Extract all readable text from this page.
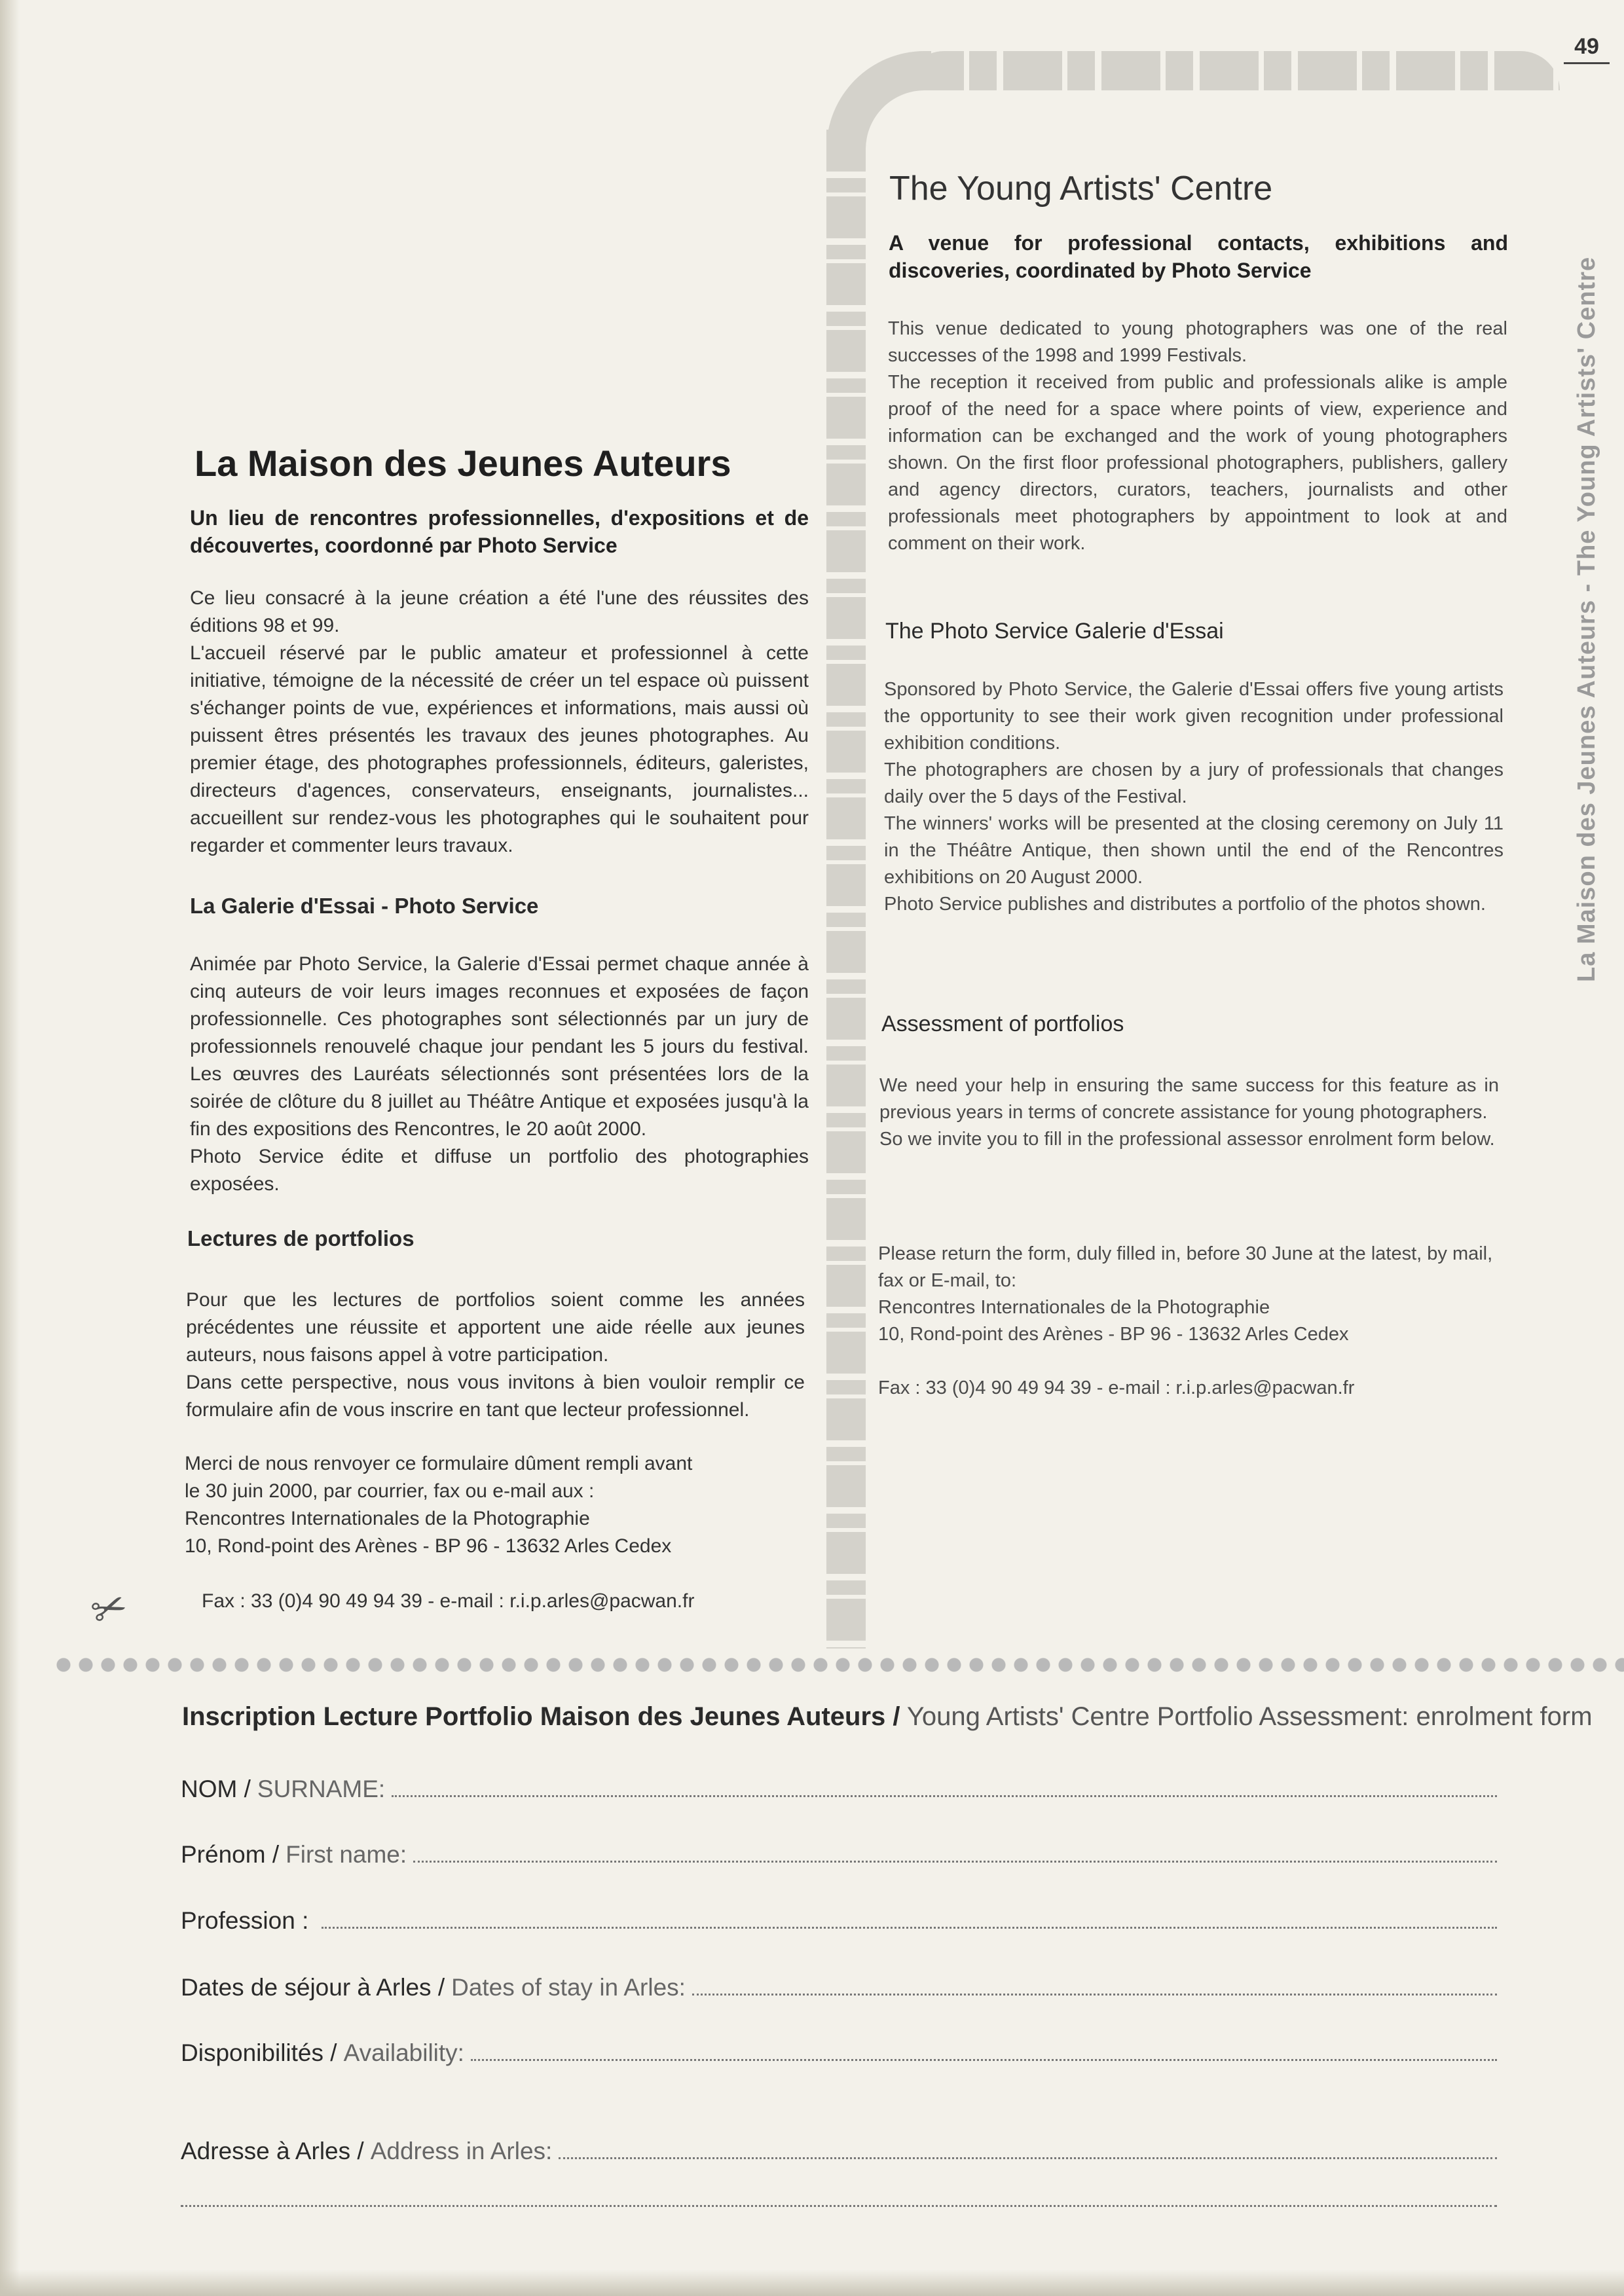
49
La Maison des Jeunes Auteurs - The Young Artists' Centre
La Maison des Jeunes Auteurs
Un lieu de rencontres professionnelles, d'expositions et de découvertes, coordonné par Photo Service

Ce lieu consacré à la jeune création a été l'une des réussites des éditions 98 et 99.
L'accueil réservé par le public amateur et professionnel à cette initiative, témoigne de la nécessité de créer un tel espace où puissent s'échanger points de vue, expériences et informations, mais aussi où puissent êtres présentés les travaux des jeunes photographes. Au premier étage, des photographes professionnels, éditeurs, galeristes, directeurs d'agences, conservateurs, enseignants, journalistes... accueillent sur rendez-vous les photographes qui le souhaitent pour regarder et commenter leurs travaux.

La Galerie d'Essai - Photo Service

Animée par Photo Service, la Galerie d'Essai permet chaque année à cinq auteurs de voir leurs images reconnues et exposées de façon professionnelle. Ces photographes sont sélectionnés par un jury de professionnels renouvelé chaque jour pendant les 5 jours du festival. Les œuvres des Lauréats sélectionnés sont présentées lors de la soirée de clôture du 8 juillet au Théâtre Antique et exposées jusqu'à la fin des expositions des Rencontres, le 20 août 2000.
Photo Service édite et diffuse un portfolio des photographies exposées.

Lectures de portfolios

Pour que les lectures de portfolios soient comme les années précédentes une réussite et apportent une aide réelle aux jeunes auteurs, nous faisons appel à votre participation.
Dans cette perspective, nous vous invitons à bien vouloir remplir ce formulaire afin de vous inscrire en tant que lecteur professionnel.

Merci de nous renvoyer ce formulaire dûment rempli avant
le 30 juin 2000, par courrier, fax ou e-mail aux :
Rencontres Internationales de la Photographie
10, Rond-point des Arènes - BP 96 - 13632 Arles Cedex

Fax : 33 (0)4 90 49 94 39 - e-mail : r.i.p.arles@pacwan.fr

The Young Artists' Centre
A venue for professional contacts, exhibitions and discoveries, coordinated by Photo Service

This venue dedicated to young photographers was one of the real successes of the 1998 and 1999 Festivals.
The reception it received from public and professionals alike is ample proof of the need for a space where points of view, experience and information can be exchanged and the work of young photographers shown. On the first floor professional photographers, publishers, gallery and agency directors, curators, teachers, journalists and other professionals meet photographers by appointment to look at and comment on their work.

The Photo Service Galerie d'Essai

Sponsored by Photo Service, the Galerie d'Essai offers five young artists the opportunity to see their work given recognition under professional exhibition conditions.
The photographers are chosen by a jury of professionals that changes daily over the 5 days of the Festival.
The winners' works will be presented at the closing ceremony on July 11 in the Théâtre Antique, then shown until the end of the Rencontres exhibitions on 20 August 2000.
Photo Service publishes and distributes a portfolio of the photos shown.

Assessment of portfolios

We need your help in ensuring the same success for this feature as in previous years in terms of concrete assistance for young photographers.
So we invite you to fill in the professional assessor enrolment form below.

Please return the form, duly filled in, before 30 June at the latest, by mail, fax or E-mail, to:
Rencontres Internationales de la Photographie
10, Rond-point des Arènes - BP 96 - 13632 Arles Cedex

Fax : 33 (0)4 90 49 94 39 - e-mail : r.i.p.arles@pacwan.fr

✂
Inscription Lecture Portfolio Maison des Jeunes Auteurs / Young Artists' Centre Portfolio Assessment: enrolment form
NOM / SURNAME:
Prénom / First name:
Profession :
Dates de séjour à Arles / Dates of stay in Arles:
Disponibilités / Availability:
Adresse à Arles / Address in Arles:
